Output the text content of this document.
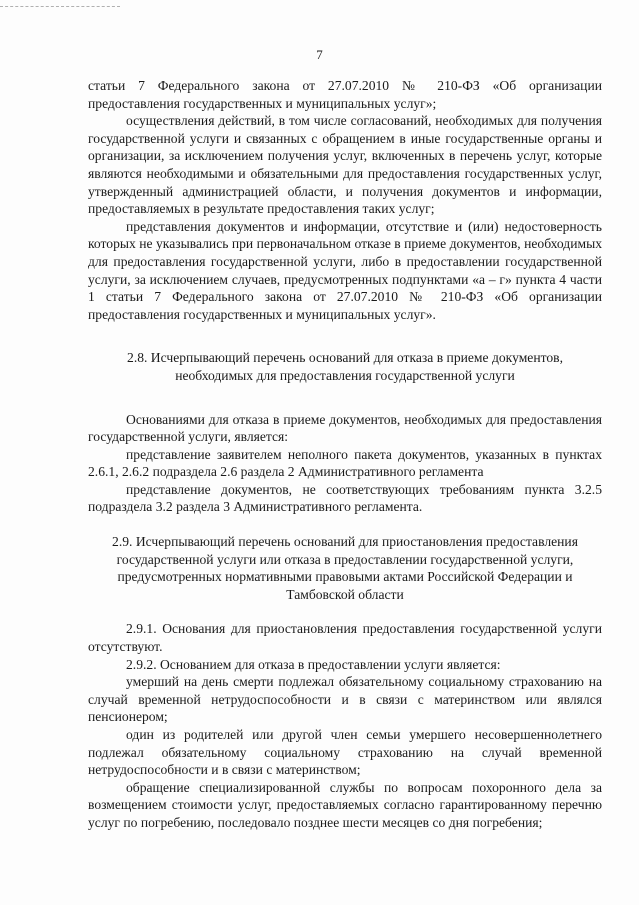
7

статьи 7 Федерального закона от 27.07.2010 № 210-ФЗ «Об организации предоставления государственных и муниципальных услуг»;

осуществления действий, в том числе согласований, необходимых для получения государственной услуги и связанных с обращением в иные государственные органы и организации, за исключением получения услуг, включенных в перечень услуг, которые являются необходимыми и обязательными для предоставления государственных услуг, утвержденный администрацией области, и получения документов и информации, предоставляемых в результате предоставления таких услуг;

представления документов и информации, отсутствие и (или) недостоверность которых не указывались при первоначальном отказе в приеме документов, необходимых для предоставления государственной услуги, либо в предоставлении государственной услуги, за исключением случаев, предусмотренных подпунктами «а – г» пункта 4 части 1 статьи 7 Федерального закона от 27.07.2010 № 210-ФЗ «Об организации предоставления государственных и муниципальных услуг».

2.8. Исчерпывающий перечень оснований для отказа в приеме документов, необходимых для предоставления государственной услуги

Основаниями для отказа в приеме документов, необходимых для предоставления государственной услуги, является:

представление заявителем неполного пакета документов, указанных в пунктах 2.6.1, 2.6.2 подраздела 2.6 раздела 2 Административного регламента

представление документов, не соответствующих требованиям пункта 3.2.5 подраздела 3.2 раздела 3 Административного регламента.

2.9. Исчерпывающий перечень оснований для приостановления предоставления государственной услуги или отказа в предоставлении государственной услуги, предусмотренных нормативными правовыми актами Российской Федерации и Тамбовской области

2.9.1. Основания для приостановления предоставления государственной услуги отсутствуют.

2.9.2. Основанием для отказа в предоставлении услуги является:

умерший на день смерти подлежал обязательному социальному страхованию на случай временной нетрудоспособности и в связи с материнством или являлся пенсионером;

один из родителей или другой член семьи умершего несовершеннолетнего подлежал обязательному социальному страхованию на случай временной нетрудоспособности и в связи с материнством;

обращение специализированной службы по вопросам похоронного дела за возмещением стоимости услуг, предоставляемых согласно гарантированному перечню услуг по погребению, последовало позднее шести месяцев со дня погребения;
